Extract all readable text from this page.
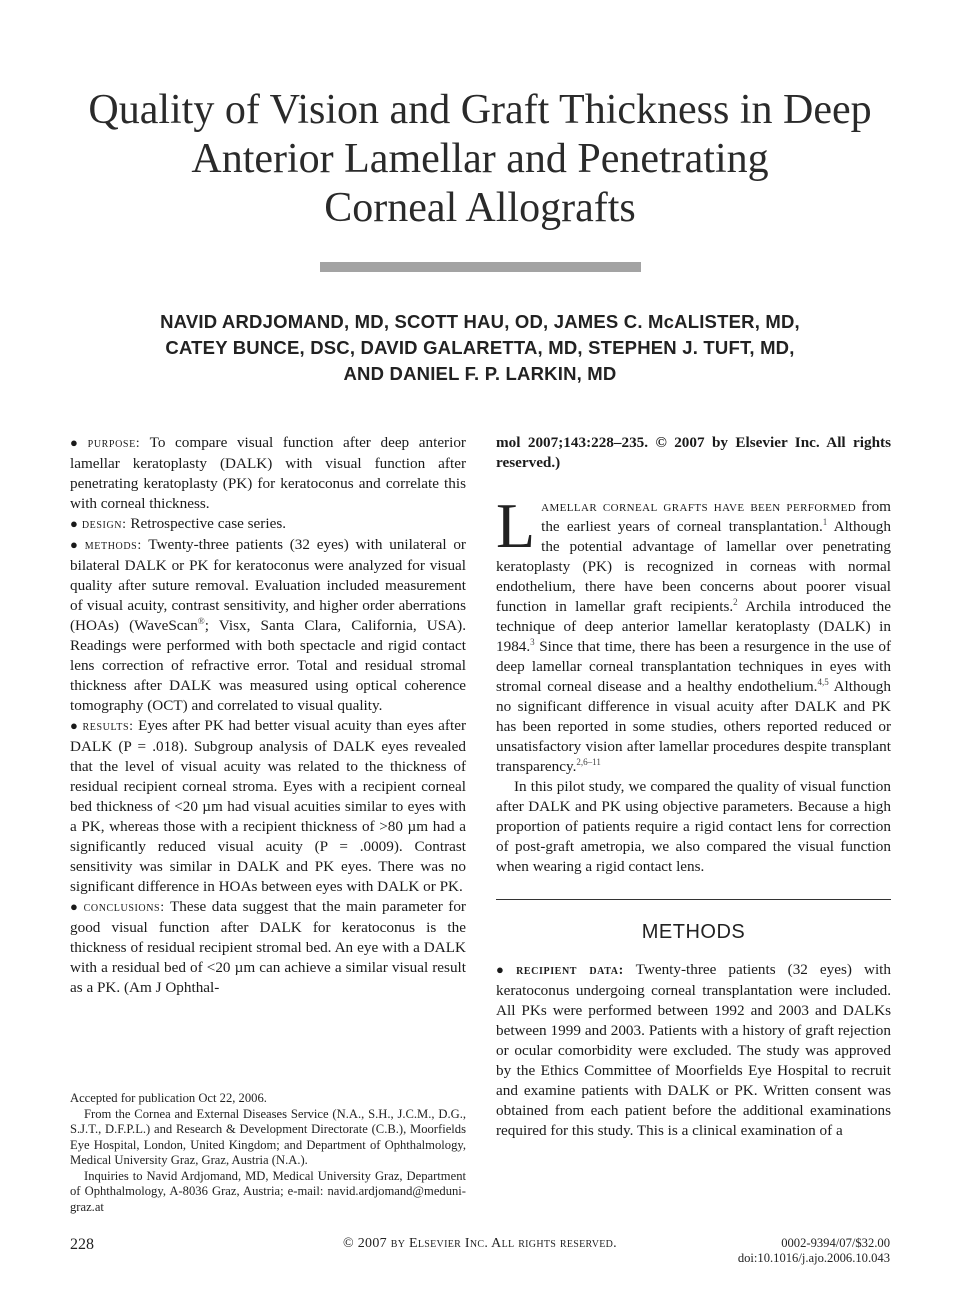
Quality of Vision and Graft Thickness in Deep
Anterior Lamellar and Penetrating
Corneal Allografts
NAVID ARDJOMAND, MD, SCOTT HAU, OD, JAMES C. McALISTER, MD,
CATEY BUNCE, DSC, DAVID GALARETTA, MD, STEPHEN J. TUFT, MD,
AND DANIEL F. P. LARKIN, MD

● purpose: To compare visual function after deep anterior lamellar keratoplasty (DALK) with visual function after penetrating keratoplasty (PK) for keratoconus and correlate this with corneal thickness.

● design: Retrospective case series.

● methods: Twenty-three patients (32 eyes) with unilateral or bilateral DALK or PK for keratoconus were analyzed for visual quality after suture removal. Evaluation included measurement of visual acuity, contrast sensitivity, and higher order aberrations (HOAs) (WaveScan®; Visx, Santa Clara, California, USA). Readings were performed with both spectacle and rigid contact lens correction of refractive error. Total and residual stromal thickness after DALK was measured using optical coherence tomography (OCT) and correlated to visual quality.

● results: Eyes after PK had better visual acuity than eyes after DALK (P = .018). Subgroup analysis of DALK eyes revealed that the level of visual acuity was related to the thickness of residual recipient corneal stroma. Eyes with a recipient corneal bed thickness of <20 µm had visual acuities similar to eyes with a PK, whereas those with a recipient thickness of >80 µm had a significantly reduced visual acuity (P = .0009). Contrast sensitivity was similar in DALK and PK eyes. There was no significant difference in HOAs between eyes with DALK or PK.

● conclusions: These data suggest that the main parameter for good visual function after DALK for keratoconus is the thickness of residual recipient stromal bed. An eye with a DALK with a residual bed of <20 µm can achieve a similar visual result as a PK. (Am J Ophthal-

mol 2007;143:228–235. © 2007 by Elsevier Inc. All rights reserved.)

L amellar corneal grafts have been performed from the earliest years of corneal transplantation.$^1$ Although the potential advantage of lamellar over penetrating keratoplasty (PK) is recognized in corneas with normal endothelium, there have been concerns about poorer visual function in lamellar graft recipients.$^2$ Archila introduced the technique of deep anterior lamellar keratoplasty (DALK) in 1984.$^3$ Since that time, there has been a resurgence in the use of deep lamellar corneal transplantation techniques in eyes with stromal corneal disease and a healthy endothelium.$^{4,5}$ Although no significant difference in visual acuity after DALK and PK has been reported in some studies, others reported reduced or unsatisfactory vision after lamellar procedures despite transplant transparency.$^{2,6-11}$

In this pilot study, we compared the quality of visual function after DALK and PK using objective parameters. Because a high proportion of patients require a rigid contact lens for correction of post-graft ametropia, we also compared the visual function when wearing a rigid contact lens.

METHODS

● recipient data: Twenty-three patients (32 eyes) with keratoconus undergoing corneal transplantation were included. All PKs were performed between 1992 and 2003 and DALKs between 1999 and 2003. Patients with a history of graft rejection or ocular comorbidity were excluded. The study was approved by the Ethics Committee of Moorfields Eye Hospital to recruit and examine patients with DALK or PK. Written consent was obtained from each patient before the additional examinations required for this study. This is a clinical examination of a

Accepted for publication Oct 22, 2006.

From the Cornea and External Diseases Service (N.A., S.H., J.C.M., D.G., S.J.T., D.F.P.L.) and Research & Development Directorate (C.B.), Moorfields Eye Hospital, London, United Kingdom; and Department of Ophthalmology, Medical University Graz, Graz, Austria (N.A.).

Inquiries to Navid Ardjomand, MD, Medical University Graz, Department of Ophthalmology, A-8036 Graz, Austria; e-mail: navid.ardjomand@meduni-graz.at

228	© 2007 by Elsevier Inc. All rights reserved.	0002-9394/07/$32.00
doi:10.1016/j.ajo.2006.10.043
